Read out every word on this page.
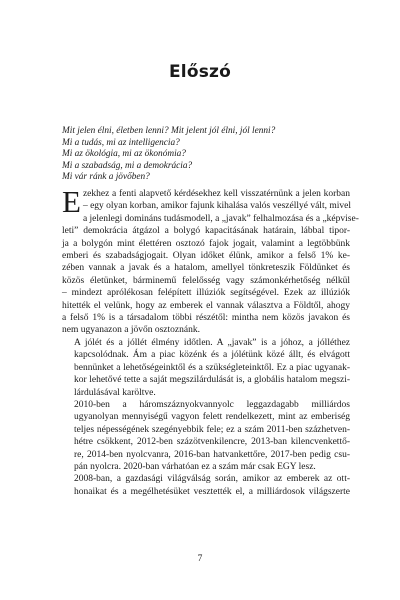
Előszó
Mit jelen élni, életben lenni? Mit jelent jól élni, jól lenni?
Mi a tudás, mi az intelligencia?
Mi az ökológia, mi az ökonómia?
Mi a szabadság, mi a demokrácia?
Mi vár ránk a jövőben?
E zekhez a fenti alapvető kérdésekhez kell visszatérnünk a jelen korban
– egy olyan korban, amikor fajunk kihalása valós veszéllyé vált, mivel
a jelenlegi domináns tudásmodell, a „javak” felhalmozása és a „képvise-
leti” demokrácia átgázol a bolygó kapacitásának határain, lábbal tipor-
ja a bolygón mint élettéren osztozó fajok jogait, valamint a legtöbbünk
emberi és szabadságjogait. Olyan időket élünk, amikor a felső 1% ke-
zében vannak a javak és a hatalom, amellyel tönkreteszik Földünket és
közös életünket, bárminemű felelősség vagy számonkérhetőség nélkül
– mindezt aprólékosan felépített illúziók segítségével. Ezek az illúziók
hitették el velünk, hogy az emberek el vannak választva a Földtől, ahogy
a felső 1% is a társadalom többi részétől: mintha nem közös javakon és
nem ugyanazon a jövőn osztoznánk.
A jólét és a jóllét élmény időtlen. A „javak” is a jóhoz, a jólléthez
kapcsolódnak. Ám a piac közénk és a jólétünk közé állt, és elvágott
bennünket a lehetőségeinktől és a szükségleteinktől. Ez a piac ugyanak-
kor lehetővé tette a saját megszilárdulását is, a globális hatalom megszi-
lárdulásával karöltve.
2010-ben a háromszáznyokvannyolc leggazdagabb milliárdos
ugyanolyan mennyiségű vagyon felett rendelkezett, mint az emberiség
teljes népességének szegényebbik fele; ez a szám 2011-ben százhetven-
hétre csökkent, 2012-ben százötvenkilencre, 2013-ban kilencvenkettő-
re, 2014-ben nyolcvanra, 2016-ban hatvankettőre, 2017-ben pedig csu-
pán nyolcra. 2020-ban várhatóan ez a szám már csak EGY lesz.
2008-ban, a gazdasági világválság során, amikor az emberek az ott-
honaikat és a megélhetésüket vesztették el, a milliárdosok világszerte
7
